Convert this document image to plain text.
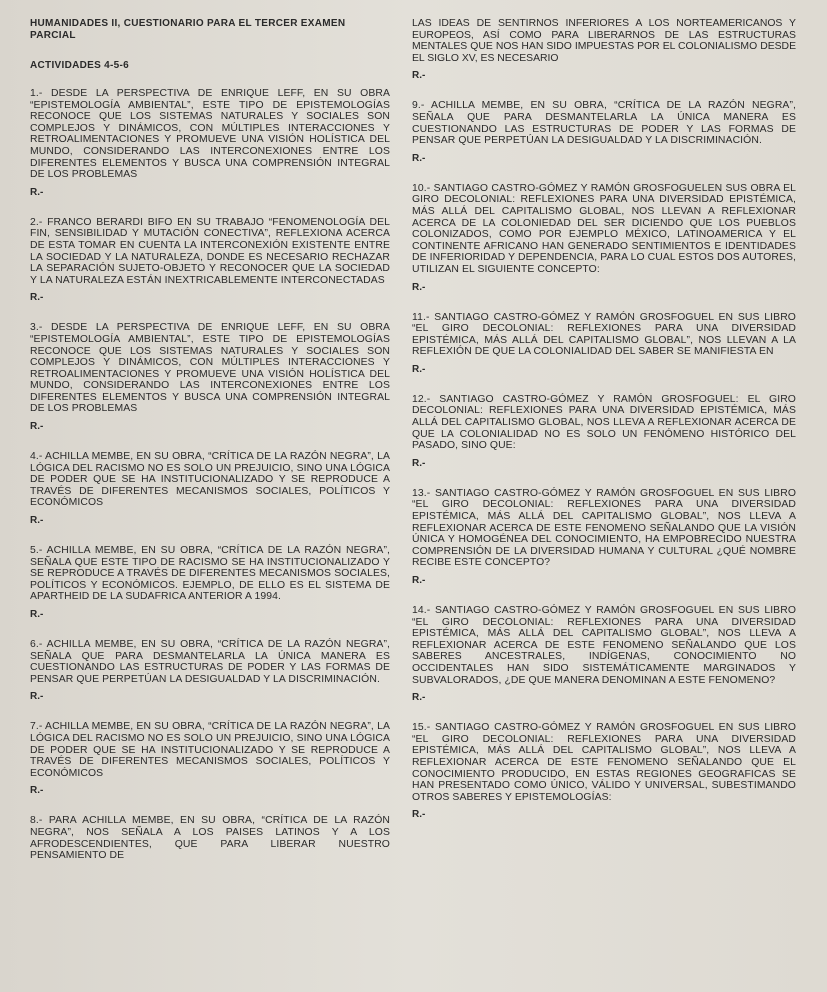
HUMANIDADES II, CUESTIONARIO PARA EL TERCER EXAMEN

PARCIAL

ACTIVIDADES 4-5-6

1.- DESDE LA PERSPECTIVA DE ENRIQUE LEFF, EN SU OBRA “EPISTEMOLOGÍA AMBIENTAL”, ESTE TIPO DE EPISTEMOLOGÍAS RECONOCE QUE LOS SISTEMAS NATURALES Y SOCIALES SON COMPLEJOS Y DINÁMICOS, CON MÚLTIPLES INTERACCIONES Y RETROALIMENTACIONES Y PROMUEVE UNA VISIÓN HOLÍSTICA DEL MUNDO, CONSIDERANDO LAS INTERCONEXIONES ENTRE LOS DIFERENTES ELEMENTOS Y BUSCA UNA COMPRENSIÓN INTEGRAL DE LOS PROBLEMAS

R.-

2.- FRANCO BERARDI BIFO EN SU TRABAJO “FENOMENOLOGÍA DEL FIN, SENSIBILIDAD Y MUTACIÓN CONECTIVA”, REFLEXIONA ACERCA DE ESTA TOMAR EN CUENTA LA INTERCONEXIÓN EXISTENTE ENTRE LA SOCIEDAD Y LA NATURALEZA, DONDE ES NECESARIO RECHAZAR LA SEPARACIÓN SUJETO-OBJETO Y RECONOCER QUE LA SOCIEDAD Y LA NATURALEZA ESTÁN INEXTRICABLEMENTE INTERCONECTADAS

R.-

3.- DESDE LA PERSPECTIVA DE ENRIQUE LEFF, EN SU OBRA “EPISTEMOLOGÍA AMBIENTAL”, ESTE TIPO DE EPISTEMOLOGÍAS RECONOCE QUE LOS SISTEMAS NATURALES Y SOCIALES SON COMPLEJOS Y DINÁMICOS, CON MÚLTIPLES INTERACCIONES Y RETROALIMENTACIONES Y PROMUEVE UNA VISIÓN HOLÍSTICA DEL MUNDO, CONSIDERANDO LAS INTERCONEXIONES ENTRE LOS DIFERENTES ELEMENTOS Y BUSCA UNA COMPRENSIÓN INTEGRAL DE LOS PROBLEMAS

R.-

4.- ACHILLA MEMBE, EN SU OBRA, “CRÍTICA DE LA RAZÓN NEGRA”, LA LÓGICA DEL RACISMO NO ES SOLO UN PREJUICIO, SINO UNA LÓGICA DE PODER QUE SE HA INSTITUCIONALIZADO Y SE REPRODUCE A TRAVÉS DE DIFERENTES MECANISMOS SOCIALES, POLÍTICOS Y ECONÓMICOS

R.-

5.- ACHILLA MEMBE, EN SU OBRA, “CRÍTICA DE LA RAZÓN NEGRA”, SEÑALA QUE ESTE TIPO DE RACISMO SE HA INSTITUCIONALIZADO Y SE REPRODUCE A TRAVÉS DE DIFERENTES MECANISMOS SOCIALES, POLÍTICOS Y ECONÓMICOS. EJEMPLO, DE ELLO ES EL SISTEMA DE APARTHEID DE LA SUDAFRICA ANTERIOR A 1994.

R.-

6.- ACHILLA MEMBE, EN SU OBRA, “CRÍTICA DE LA RAZÓN NEGRA”, SEÑALA QUE PARA DESMANTELARLA LA ÚNICA MANERA ES CUESTIONANDO LAS ESTRUCTURAS DE PODER Y LAS FORMAS DE PENSAR QUE PERPETÚAN LA DESIGUALDAD Y LA DISCRIMINACIÓN.

R.-

7.- ACHILLA MEMBE, EN SU OBRA, “CRÍTICA DE LA RAZÓN NEGRA”, LA LÓGICA DEL RACISMO NO ES SOLO UN PREJUICIO, SINO UNA LÓGICA DE PODER QUE SE HA INSTITUCIONALIZADO Y SE REPRODUCE A TRAVÉS DE DIFERENTES MECANISMOS SOCIALES, POLÍTICOS Y ECONÓMICOS

R.-

8.- PARA ACHILLA MEMBE, EN SU OBRA, “CRÍTICA DE LA RAZÓN NEGRA”, NOS SEÑALA A LOS PAISES LATINOS Y A LOS AFRODESCENDIENTES, QUE PARA LIBERAR NUESTRO PENSAMIENTO DE

LAS IDEAS DE SENTIRNOS INFERIORES A LOS NORTEAMERICANOS Y EUROPEOS, ASÍ COMO PARA LIBERARNOS DE LAS ESTRUCTURAS MENTALES QUE NOS HAN SIDO IMPUESTAS POR EL COLONIALISMO DESDE EL SIGLO XV, ES NECESARIO

R.-

9.- ACHILLA MEMBE, EN SU OBRA, “CRÍTICA DE LA RAZÓN NEGRA”, SEÑALA QUE PARA DESMANTELARLA LA ÚNICA MANERA ES CUESTIONANDO LAS ESTRUCTURAS DE PODER Y LAS FORMAS DE PENSAR QUE PERPETÚAN LA DESIGUALDAD Y LA DISCRIMINACIÓN.

R.-

10.- SANTIAGO CASTRO-GÓMEZ Y RAMÓN GROSFOGUELEN SUS OBRA EL GIRO DECOLONIAL: REFLEXIONES PARA UNA DIVERSIDAD EPISTÉMICA, MÁS ALLÁ DEL CAPITALISMO GLOBAL, NOS LLEVAN A REFLEXIONAR ACERCA DE LA COLONIEDAD DEL SER DICIENDO QUE LOS PUEBLOS COLONIZADOS, COMO POR EJEMPLO MÉXICO, LATINOAMERICA Y EL CONTINENTE AFRICANO HAN GENERADO SENTIMIENTOS E IDENTIDADES DE INFERIORIDAD Y DEPENDENCIA, PARA LO CUAL ESTOS DOS AUTORES, UTILIZAN EL SIGUIENTE CONCEPTO:

R.-

11.- SANTIAGO CASTRO-GÓMEZ Y RAMÓN GROSFOGUEL EN SUS LIBRO “EL GIRO DECOLONIAL: REFLEXIONES PARA UNA DIVERSIDAD EPISTÉMICA, MÁS ALLÁ DEL CAPITALISMO GLOBAL”, NOS LLEVAN A LA REFLEXIÓN DE QUE LA COLONIALIDAD DEL SABER SE MANIFIESTA EN

R.-

12.- SANTIAGO CASTRO-GÓMEZ Y RAMÓN GROSFOGUEL: EL GIRO DECOLONIAL: REFLEXIONES PARA UNA DIVERSIDAD EPISTÉMICA, MÁS ALLÁ DEL CAPITALISMO GLOBAL, NOS LLEVA A REFLEXIONAR ACERCA DE QUE LA COLONIALIDAD NO ES SOLO UN FENÓMENO HISTÓRICO DEL PASADO, SINO QUE:

R.-

13.- SANTIAGO CASTRO-GÓMEZ Y RAMÓN GROSFOGUEL EN SUS LIBRO “EL GIRO DECOLONIAL: REFLEXIONES PARA UNA DIVERSIDAD EPISTÉMICA, MÁS ALLÁ DEL CAPITALISMO GLOBAL”, NOS LLEVA A REFLEXIONAR ACERCA DE ESTE FENOMENO SEÑALANDO QUE LA VISIÓN ÚNICA Y HOMOGÉNEA DEL CONOCIMIENTO, HA EMPOBRECIDO NUESTRA COMPRENSIÓN DE LA DIVERSIDAD HUMANA Y CULTURAL ¿QUÉ NOMBRE RECIBE ESTE CONCEPTO?

R.-

14.- SANTIAGO CASTRO-GÓMEZ Y RAMÓN GROSFOGUEL EN SUS LIBRO “EL GIRO DECOLONIAL: REFLEXIONES PARA UNA DIVERSIDAD EPISTÉMICA, MÁS ALLÁ DEL CAPITALISMO GLOBAL”, NOS LLEVA A REFLEXIONAR ACERCA DE ESTE FENOMENO SEÑALANDO QUE LOS SABERES ANCESTRALES, INDÍGENAS, CONOCIMIENTO NO OCCIDENTALES HAN SIDO SISTEMÁTICAMENTE MARGINADOS Y SUBVALORADOS, ¿DE QUE MANERA DENOMINAN A ESTE FENOMENO?

R.-

15.- SANTIAGO CASTRO-GÓMEZ Y RAMÓN GROSFOGUEL EN SUS LIBRO “EL GIRO DECOLONIAL: REFLEXIONES PARA UNA DIVERSIDAD EPISTÉMICA, MÁS ALLÁ DEL CAPITALISMO GLOBAL”, NOS LLEVA A REFLEXIONAR ACERCA DE ESTE FENOMENO SEÑALANDO QUE EL CONOCIMIENTO PRODUCIDO, EN ESTAS REGIONES GEOGRAFICAS SE HAN PRESENTADO COMO ÚNICO, VÁLIDO Y UNIVERSAL, SUBESTIMANDO OTROS SABERES Y EPISTEMOLOGÍAS:

R.-
